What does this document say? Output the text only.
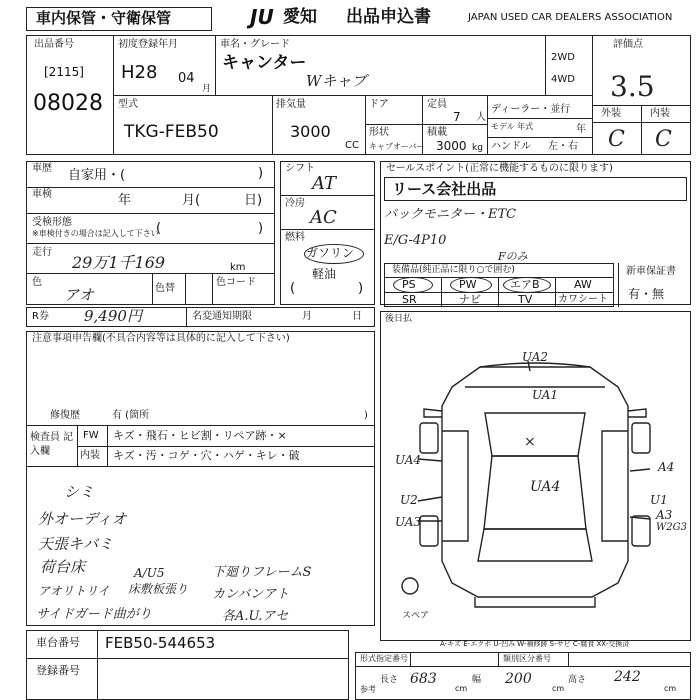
車内保管・守衛保管	JU 愛知 出品申込書	JAPAN USED CAR DEALERS ASSOCIATION
出品番号
[2115]
08028
初度登録年月
H28 04
月
車名・グレード
キャンター
Wキャブ
2WD
4WD
評価点
3.5
外装	内装
C C
型式
TKG-FEB50
排気量
3000
CC
ドア	定員
7 人
形状
キャブオーバー
積載
3000 kg
ディーラー・並行
モデル 年式	年
ハンドル 左・右
車歴 自家用・(	)
車検	年	月(	日)
受検形態
※車検付きの場合は記入して下さい
(	)
走行
29万1千169	km
色
アオ	色替
色コード
シフト
AT
冷房
AC
燃料
ガソリン
軽油
(	)
セールスポイント(正常に機能するものに限ります)
リース会社出品
バックモニター・ETC
E/G-4P10
Fのみ
装備品(純正品に限り○で囲む)
PS	PW	エアB	AW
SR	ナビ	TV	カワシート
新車保証書
有・無
R券 9,490円	名変通知期限	月	日
注意事項申告欄(不具合内容等は具体的に記入して下さい)
修復歴	有 (箇所	)
検査員 記入欄
FW キズ・飛石・ヒビ割・リペア跡・×
内装 キズ・汚・コゲ・穴・ハゲ・キレ・破
シミ
外オーディオ
天張キバミ
荷台床
アオリトリイ
サイドガード曲がり
A/U5
床敷板張り
下廻りフレームS
カンバンアト
各A.U.アセ
後日払
UA2
UA1
×
UA4
UA4	A4
U2	U1
UA3	A3
W2G3
スペア
A-キズ E-エクボ U-凹み W-補修跡 S-サビ C-腐食 XX-交換済
車台番号 FEB50-544653
登録番号
形式指定番号	類別区分番号
長さ
参考
683
cm
幅 200
cm
高さ 242
cm
